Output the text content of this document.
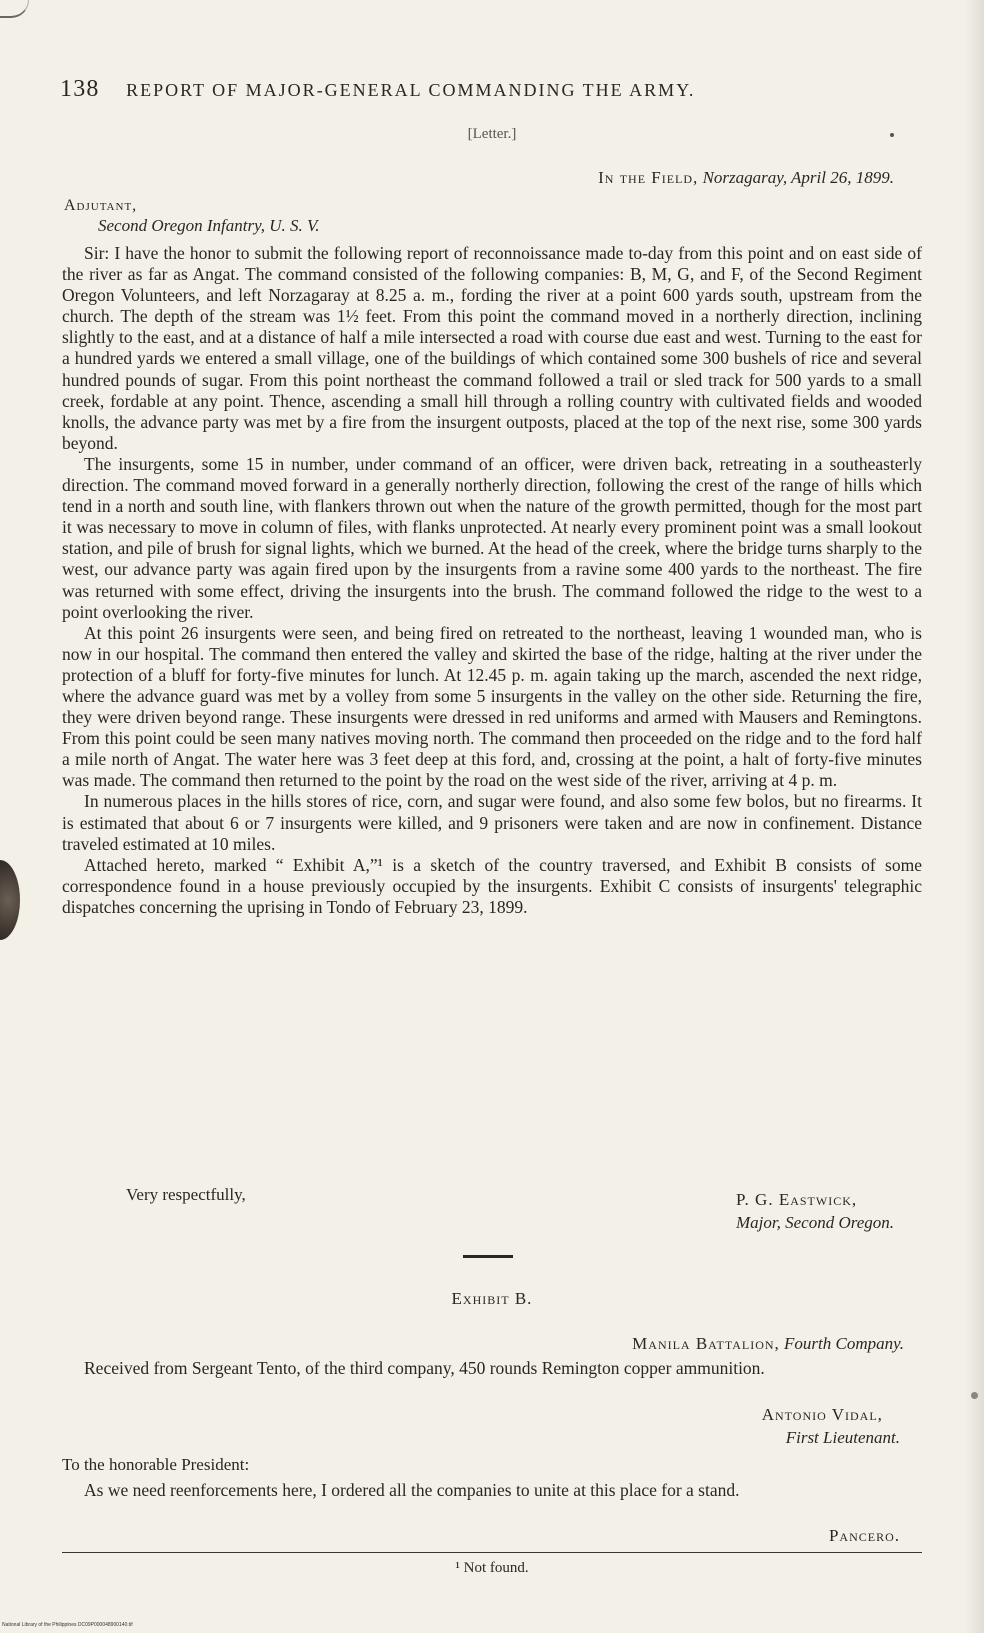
138 REPORT OF MAJOR-GENERAL COMMANDING THE ARMY.
[Letter.]
In the Field, Norzagaray, April 26, 1899.
Adjutant,
Second Oregon Infantry, U. S. V.

Sir: I have the honor to submit the following report of reconnoissance made to-day from this point and on east side of the river as far as Angat. The command consisted of the following companies: B, M, G, and F, of the Second Regiment Oregon Volunteers, and left Norzagaray at 8.25 a. m., fording the river at a point 600 yards south, upstream from the church. The depth of the stream was 1½ feet. From this point the command moved in a northerly direction, inclining slightly to the east, and at a distance of half a mile intersected a road with course due east and west. Turning to the east for a hundred yards we entered a small village, one of the buildings of which contained some 300 bushels of rice and several hundred pounds of sugar. From this point northeast the command followed a trail or sled track for 500 yards to a small creek, fordable at any point. Thence, ascending a small hill through a rolling country with cultivated fields and wooded knolls, the advance party was met by a fire from the insurgent outposts, placed at the top of the next rise, some 300 yards beyond.

The insurgents, some 15 in number, under command of an officer, were driven back, retreating in a southeasterly direction. The command moved forward in a generally northerly direction, following the crest of the range of hills which tend in a north and south line, with flankers thrown out when the nature of the growth permitted, though for the most part it was necessary to move in column of files, with flanks unprotected. At nearly every prominent point was a small lookout station, and pile of brush for signal lights, which we burned. At the head of the creek, where the bridge turns sharply to the west, our advance party was again fired upon by the insurgents from a ravine some 400 yards to the northeast. The fire was returned with some effect, driving the insurgents into the brush. The command followed the ridge to the west to a point overlooking the river.

At this point 26 insurgents were seen, and being fired on retreated to the northeast, leaving 1 wounded man, who is now in our hospital. The command then entered the valley and skirted the base of the ridge, halting at the river under the protection of a bluff for forty-five minutes for lunch. At 12.45 p. m. again taking up the march, ascended the next ridge, where the advance guard was met by a volley from some 5 insurgents in the valley on the other side. Returning the fire, they were driven beyond range. These insurgents were dressed in red uniforms and armed with Mausers and Remingtons. From this point could be seen many natives moving north. The command then proceeded on the ridge and to the ford half a mile north of Angat. The water here was 3 feet deep at this ford, and, crossing at the point, a halt of forty-five minutes was made. The command then returned to the point by the road on the west side of the river, arriving at 4 p. m.

In numerous places in the hills stores of rice, corn, and sugar were found, and also some few bolos, but no firearms. It is estimated that about 6 or 7 insurgents were killed, and 9 prisoners were taken and are now in confinement. Distance traveled estimated at 10 miles.

Attached hereto, marked “ Exhibit A,”¹ is a sketch of the country traversed, and Exhibit B consists of some correspondence found in a house previously occupied by the insurgents. Exhibit C consists of insurgents' telegraphic dispatches concerning the uprising in Tondo of February 23, 1899.

Very respectfully,	P. G. Eastwick,
Major, Second Oregon.
Exhibit B.
Manila Battalion, Fourth Company.

Received from Sergeant Tento, of the third company, 450 rounds Remington copper ammunition.

Antonio Vidal,
First Lieutenant.
To the honorable President:

As we need reenforcements here, I ordered all the companies to unite at this place for a stand.

Pancero.
¹ Not found.
National Library of the Philippines DC09P000048900140.tif
